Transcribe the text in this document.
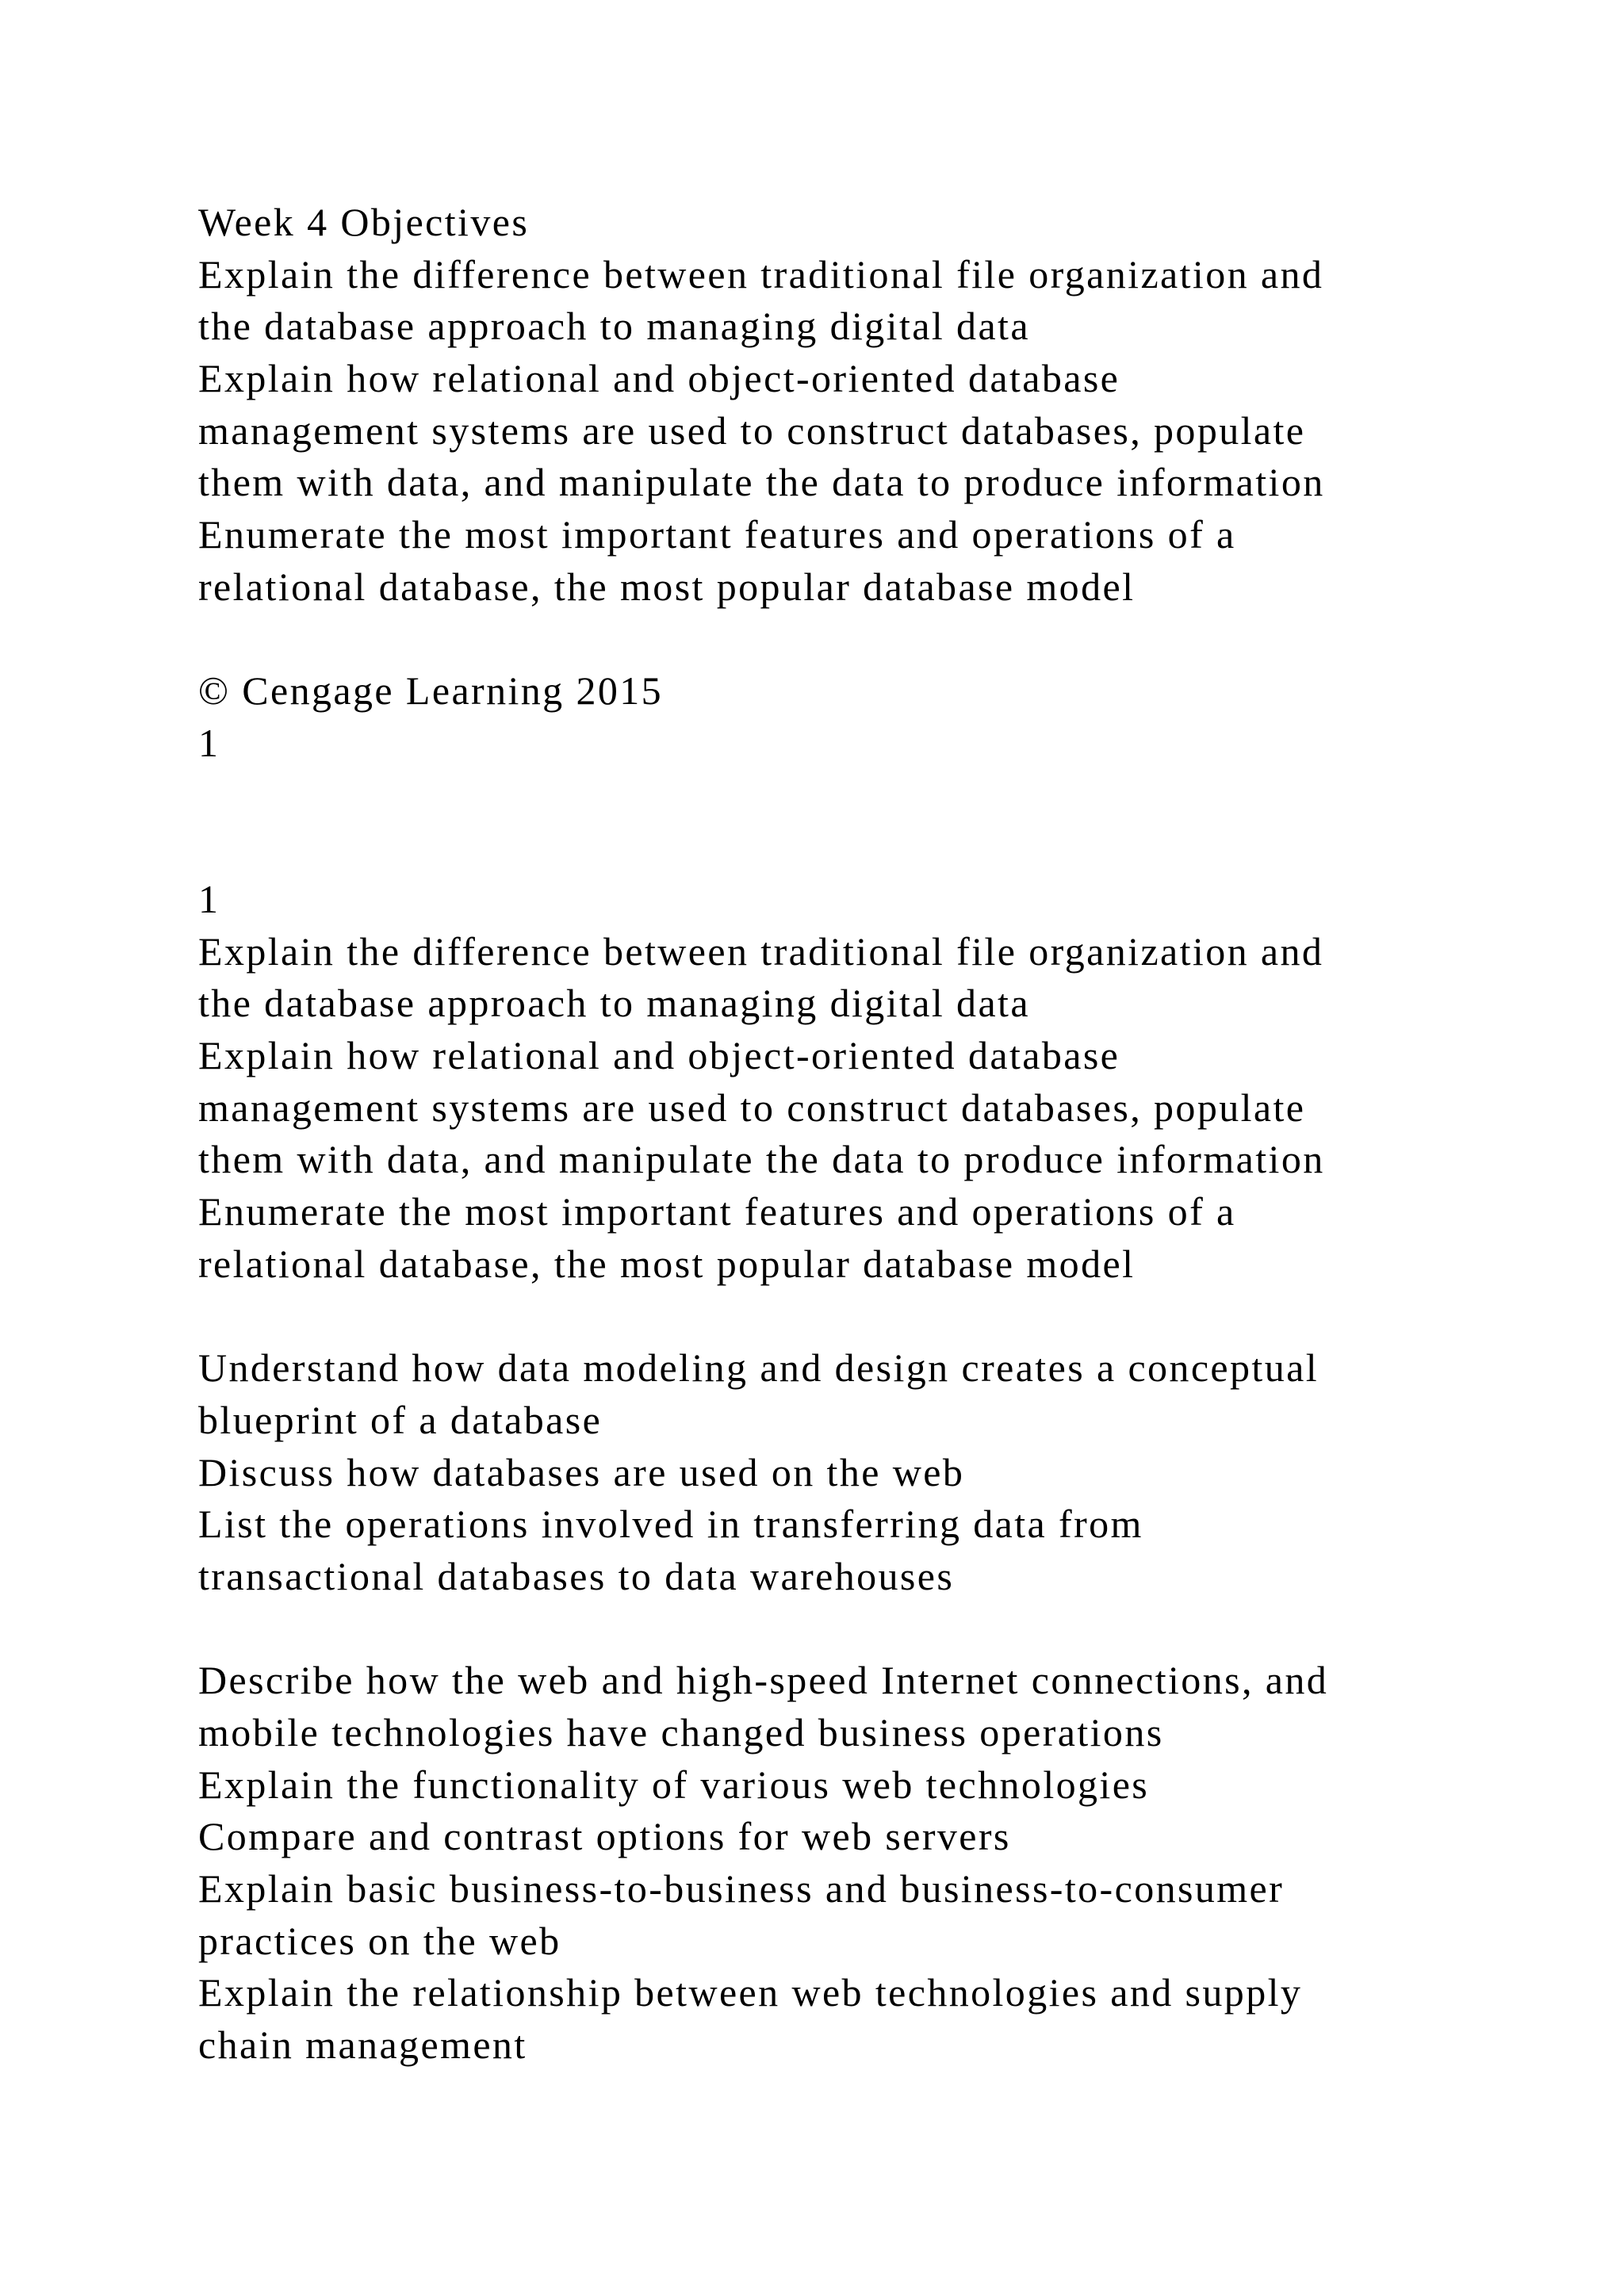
Week 4 Objectives
Explain the difference between traditional file organization and
the database approach to managing digital data
Explain how relational and object-oriented database
management systems are used to construct databases, populate
them with data, and manipulate the data to produce information
Enumerate the most important features and operations of a
relational database, the most popular database model
© Cengage Learning 2015
1
1
Explain the difference between traditional file organization and
the database approach to managing digital data
Explain how relational and object-oriented database
management systems are used to construct databases, populate
them with data, and manipulate the data to produce information
Enumerate the most important features and operations of a
relational database, the most popular database model
Understand how data modeling and design creates a conceptual
blueprint of a database
Discuss how databases are used on the web
List the operations involved in transferring data from
transactional databases to data warehouses
Describe how the web and high-speed Internet connections, and
mobile technologies have changed business operations
Explain the functionality of various web technologies
Compare and contrast options for web servers
Explain basic business-to-business and business-to-consumer
practices on the web
Explain the relationship between web technologies and supply
chain management
